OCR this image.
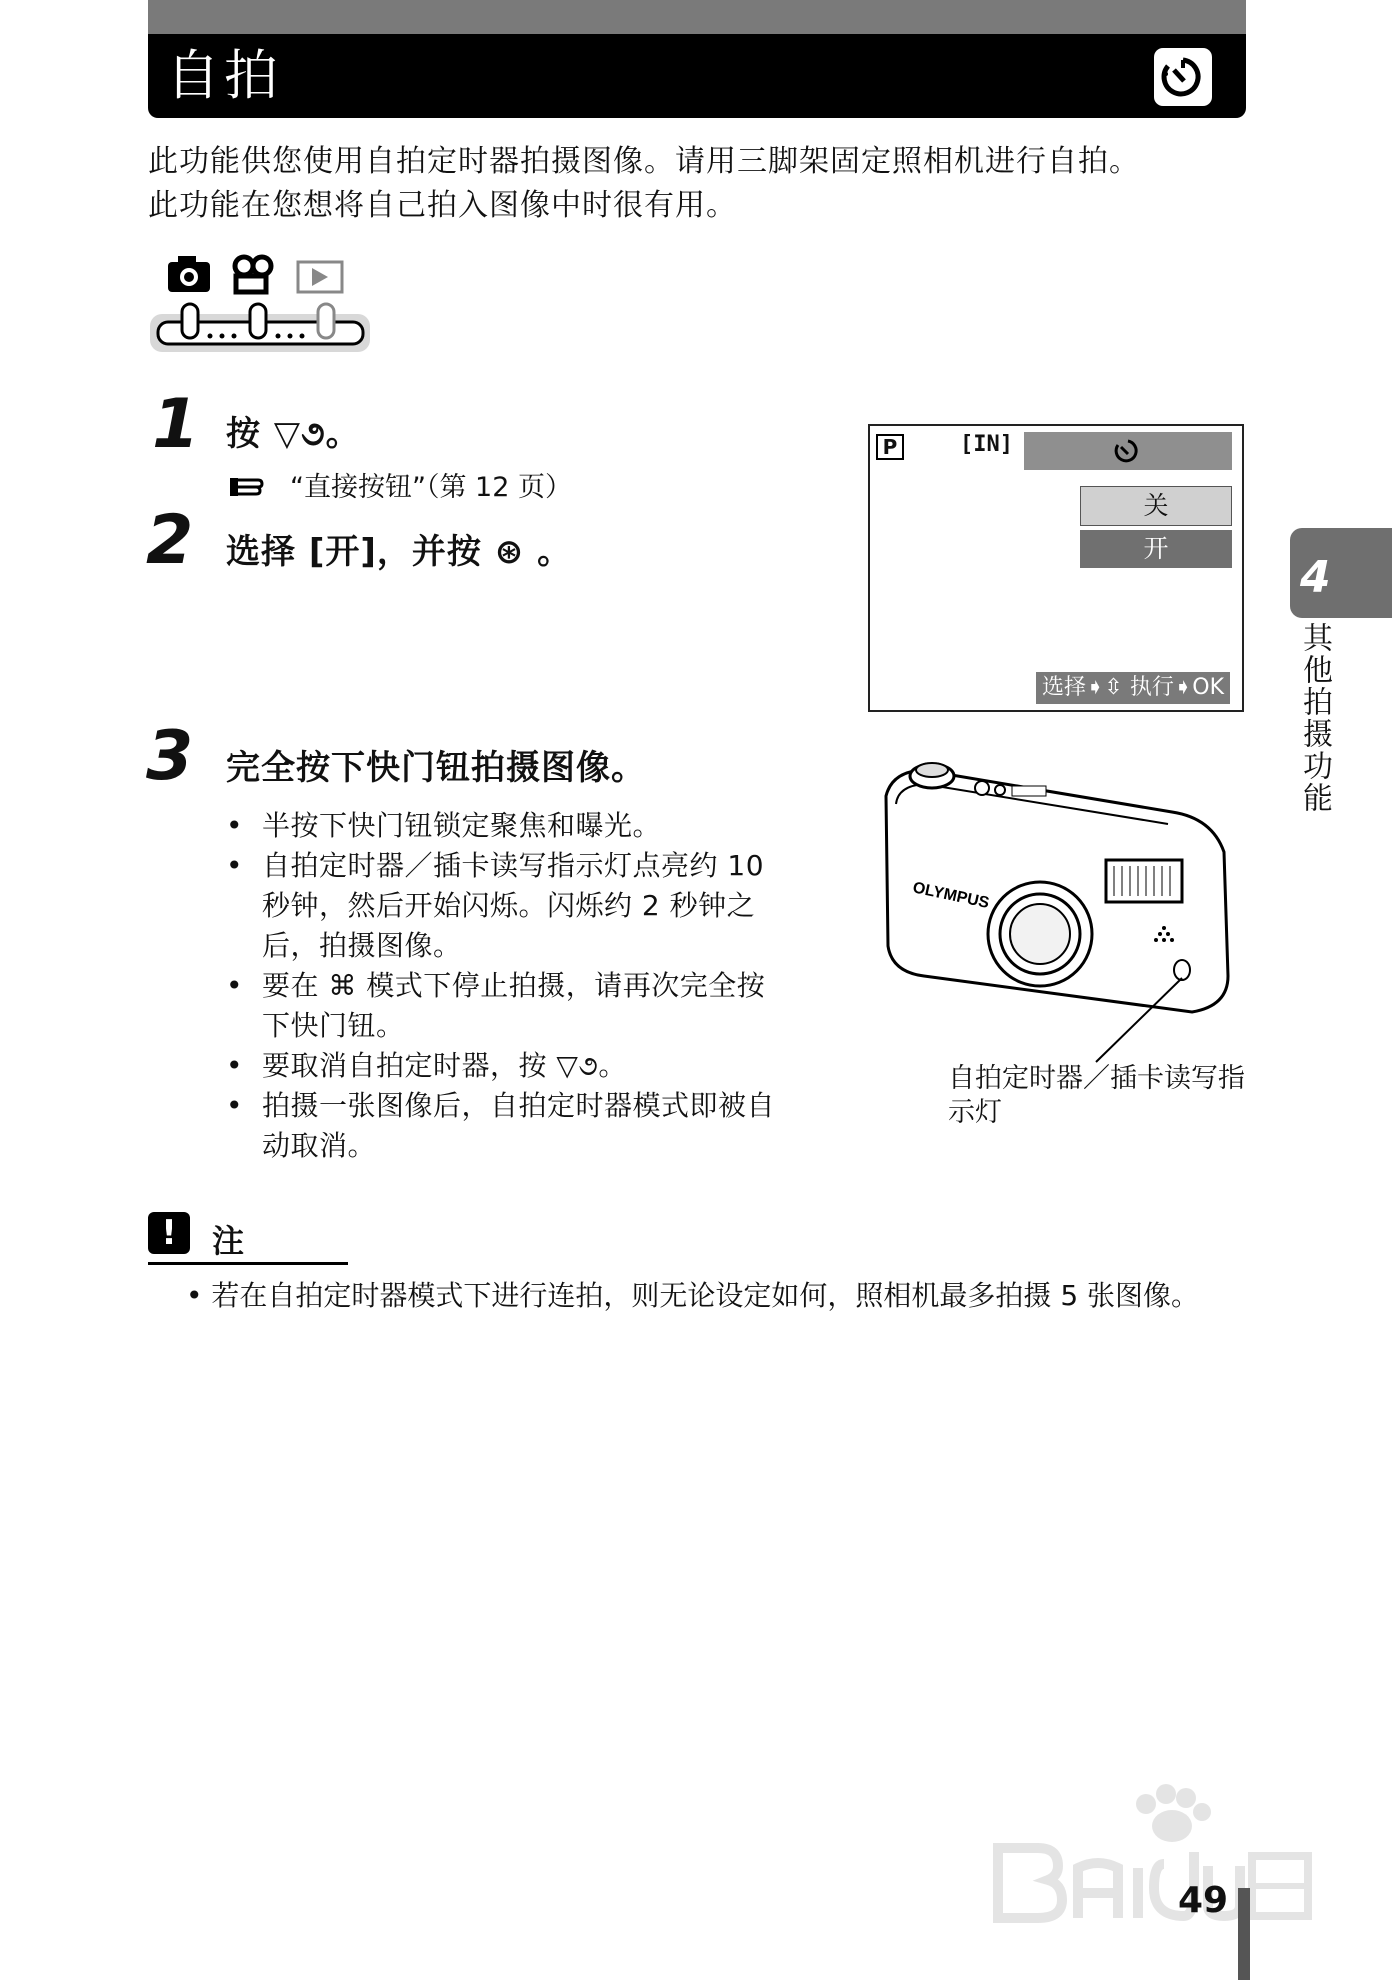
自拍
此功能供您使用自拍定时器拍摄图像。请用三脚架固定照相机进行自拍。
此功能在您想将自己拍入图像中时很有用。
1 按 ▽૭。
“直接按钮”（第 12 页）
2 选择 [开]，并按 ⊛ 。
P	[IN]
关
开
选择➧⇳ 执行➧OK
4
其他拍摄功能
3 完全按下快门钮拍摄图像。
• 半按下快门钮锁定聚焦和曝光。
• 自拍定时器／插卡读写指示灯点亮约 10 秒钟，然后开始闪烁。闪烁约 2 秒钟之后，拍摄图像。
• 要在 ⌘ 模式下停止拍摄，请再次完全按下快门钮。
• 要取消自拍定时器，按 ▽૭。
• 拍摄一张图像后，自拍定时器模式即被自动取消。
OLYMPUS
自拍定时器／插卡读写指示灯
!	注
• 若在自拍定时器模式下进行连拍，则无论设定如何，照相机最多拍摄 5 张图像。
49
